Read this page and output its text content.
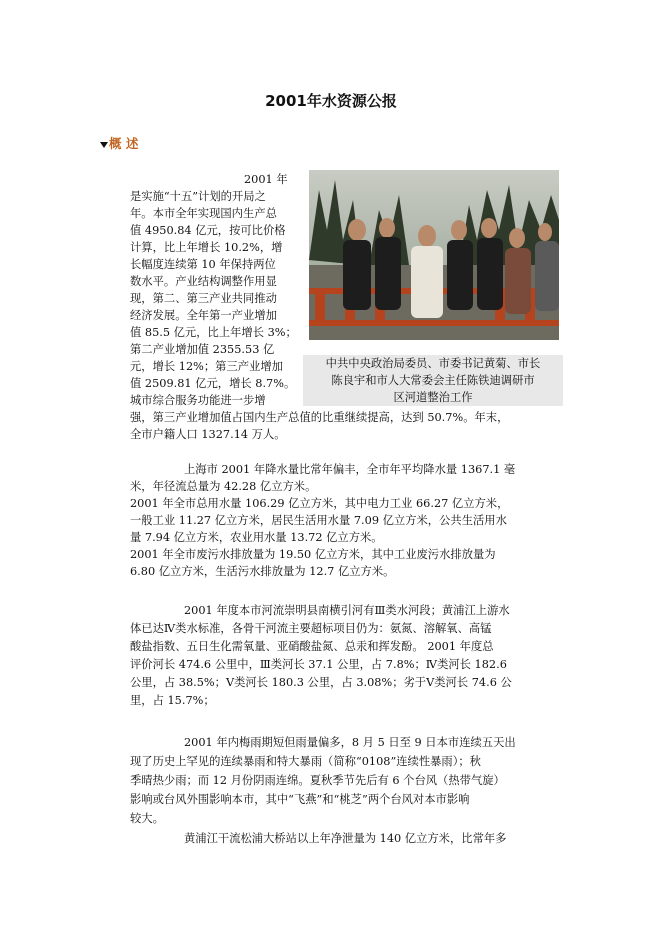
2001年水资源公报
概 述
中共中央政治局委员、市委书记黄菊、市长
陈良宇和市人大常委会主任陈铁迪调研市
区河道整治工作
2001 年
是实施“十五”计划的开局之
年。本市全年实现国内生产总
值 4950.84 亿元，按可比价格
计算，比上年增长 10.2%，增
长幅度连续第 10 年保持两位
数水平。产业结构调整作用显
现，第二、第三产业共同推动
经济发展。全年第一产业增加
值 85.5 亿元，比上年增长 3%；
第二产业增加值 2355.53 亿
元，增长 12%；第三产业增加
值 2509.81 亿元，增长 8.7%。
城市综合服务功能进一步增
强，第三产业增加值占国内生产总值的比重继续提高，达到 50.7%。年末，
全市户籍人口 1327.14 万人。
上海市 2001 年降水量比常年偏丰，全市年平均降水量 1367.1 毫
米，年径流总量为 42.28 亿立方米。
2001 年全市总用水量 106.29 亿立方米，其中电力工业 66.27 亿立方米，
一般工业 11.27 亿立方米，居民生活用水量 7.09 亿立方米，公共生活用水
量 7.94 亿立方米，农业用水量 13.72 亿立方米。
2001 年全市废污水排放量为 19.50 亿立方米，其中工业废污水排放量为
6.80 亿立方米，生活污水排放量为 12.7 亿立方米。
2001 年度本市河流崇明县南横引河有Ⅲ类水河段；黄浦江上游水
体已达Ⅳ类水标准，各骨干河流主要超标项目仍为：氨氮、溶解氧、高锰
酸盐指数、五日生化需氧量、亚硝酸盐氮、总汞和挥发酚。 2001 年度总
评价河长 474.6 公里中，Ⅲ类河长 37.1 公里，占 7.8%；Ⅳ类河长 182.6
公里，占 38.5%；Ⅴ类河长 180.3 公里，占 3.08%；劣于Ⅴ类河长 74.6 公
里，占 15.7%；
2001 年内梅雨期短但雨量偏多，8 月 5 日至 9 日本市连续五天出
现了历史上罕见的连续暴雨和特大暴雨（简称“0108”连续性暴雨）；秋
季晴热少雨；而 12 月份阴雨连绵。夏秋季节先后有 6 个台风（热带气旋）
影响或台风外围影响本市，其中“飞燕”和“桃芝”两个台风对本市影响
较大。
黄浦江干流松浦大桥站以上年净泄量为 140 亿立方米，比常年多
